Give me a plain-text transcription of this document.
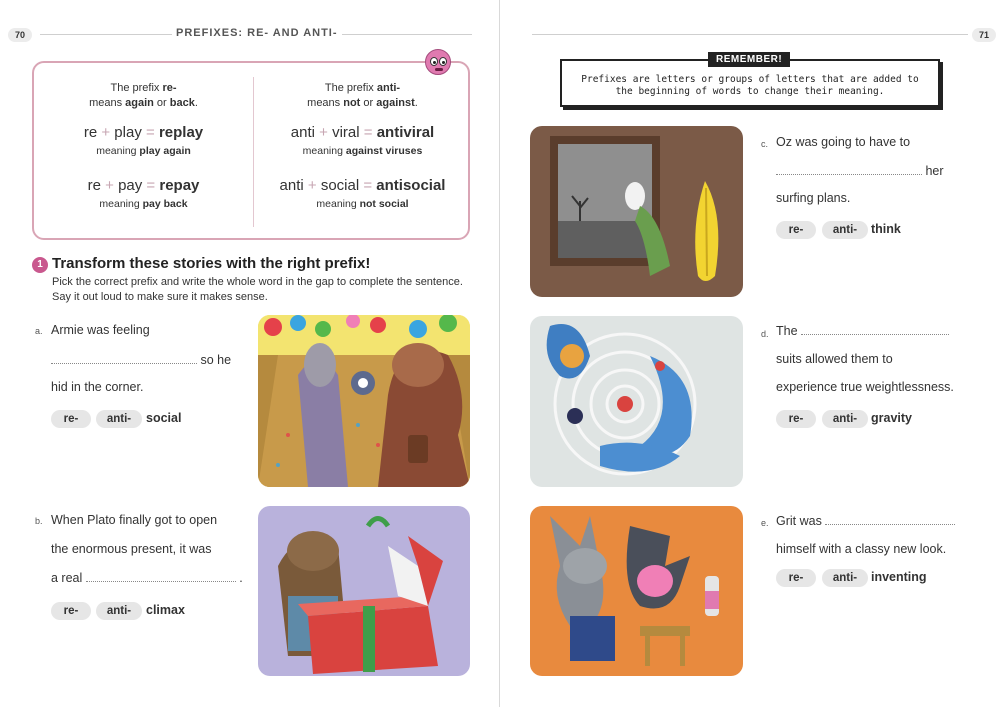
70	PREFIXES: RE- AND ANTI-
The prefix re-
means again or back.
re + play = replay
meaning play again
re + pay = repay
meaning pay back
The prefix anti-
means not or against.
anti + viral = antiviral
meaning against viruses
anti + social = antisocial
meaning not social
1 Transform these stories with the right prefix!
Pick the correct prefix and write the whole word in the gap to complete the sentence. Say it out loud to make sure it makes sense.
a. Armie was feeling
so he
hid in the corner.
re-	anti-	social
b. When Plato finally got to open
the enormous present, it was
a real	.
re-	anti-	climax
71
REMEMBER!
Prefixes are letters or groups of letters that are added to the beginning of words to change their meaning.
c. Oz was going to have to
her
surfing plans.
re-	anti-	think
d. The
suits allowed them to
experience true weightlessness.
re-	anti-	gravity
e. Grit was
himself with a classy new look.
re-	anti-	inventing
